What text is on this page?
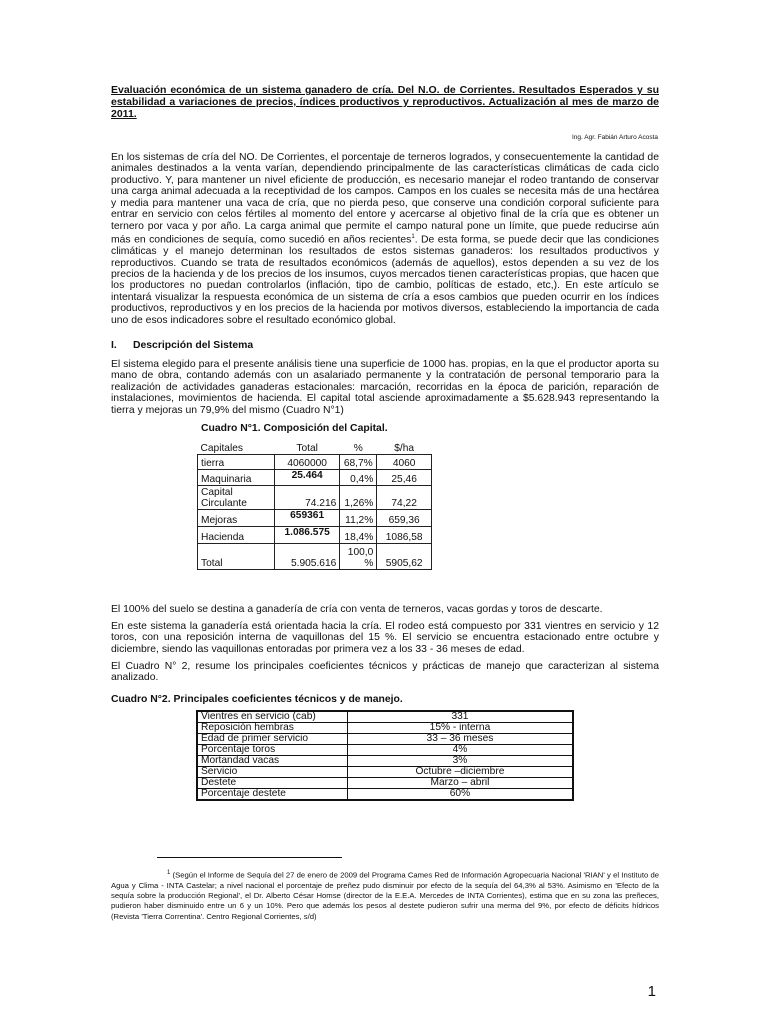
Evaluación económica de un sistema ganadero de cría. Del N.O. de Corrientes. Resultados Esperados y su estabilidad a variaciones de precios, índices productivos y reproductivos. Actualización al mes de marzo de 2011.
Ing. Agr. Fabián Arturo Acosta

En los sistemas de cría del NO. De Corrientes, el porcentaje de terneros logrados, y consecuentemente la cantidad de animales destinados a la venta varían, dependiendo principalmente de las características climáticas de cada ciclo productivo. Y, para mantener un nivel eficiente de producción, es necesario manejar el rodeo trantando de conservar una carga animal adecuada a la receptividad de los campos. Campos en los cuales se necesita más de una hectárea y media para mantener una vaca de cría, que no pierda peso, que conserve una condición corporal suficiente para entrar en servicio con celos fértiles al momento del entore y acercarse al objetivo final de la cría que es obtener un ternero por vaca y por año. La carga animal que permite el campo natural pone un límite, que puede reducirse aún más en condiciones de sequía, como sucedió en años recientes$^1$. De esta forma, se puede decir que las condiciones climáticas y el manejo determinan los resultados de estos sistemas ganaderos: los resultados productivos y reproductivos. Cuando se trata de resultados económicos (además de aquellos), estos dependen a su vez de los precios de la hacienda y de los precios de los insumos, cuyos mercados tienen características propias, que hacen que los productores no puedan controlarlos (inflación, tipo de cambio, políticas de estado, etc,). En este artículo se intentará visualizar la respuesta económica de un sistema de cría a esos cambios que pueden ocurrir en los índices productivos, reproductivos y en los precios de la hacienda por motivos diversos, estableciendo la importancia de cada uno de esos indicadores sobre el resultado económico global.

I. Descripción del Sistema

El sistema elegido para el presente análisis tiene una superficie de 1000 has. propias, en la que el productor aporta su mano de obra, contando además con un asalariado permanente y la contratación de personal temporario para la realización de actividades ganaderas estacionales: marcación, recorridas en la época de parición, reparación de instalaciones, movimientos de hacienda. El capital total asciende aproximadamente a $5.628.943 representando la tierra y mejoras un 79,9% del mismo (Cuadro N°1)

Cuadro N°1. Composición del Capital.
Capitales	Total	%	$/ha
tierra	4060000	68,7%	4060
Maquinaria	25.464	0,4%	25,46
Capital Circulante	74.216	1,26%	74,22
Mejoras	659361	11,2%	659,36
Hacienda	1.086.575	18,4%	1086,58
Total	5.905.616	100,0 %	5905,62

El 100% del suelo se destina a ganadería de cría con venta de terneros, vacas gordas y toros de descarte.

En este sistema la ganadería está orientada hacia la cría. El rodeo está compuesto por 331 vientres en servicio y 12 toros, con una reposición interna de vaquillonas del 15 %. El servicio se encuentra estacionado entre octubre y diciembre, siendo las vaquillonas entoradas por primera vez a los 33 - 36 meses de edad.

El Cuadro N° 2, resume los principales coeficientes técnicos y prácticas de manejo que caracterizan al sistema analizado.

Cuadro N°2. Principales coeficientes técnicos y de manejo.
Vientres en servicio (cab)	331
Reposición hembras	15% - interna
Edad de primer servicio	33 – 36 meses
Porcentaje toros	4%
Mortandad vacas	3%
Servicio	Octubre –diciembre
Destete	Marzo – abril
Porcentaje destete	60%
$^1$ (Según el Informe de Sequía del 27 de enero de 2009 del Programa Cames Red de Información Agropecuaria Nacional 'RIAN' y el Instituto de Agua y Clima - INTA Castelar; a nivel nacional el porcentaje de preñez pudo disminuir por efecto de la sequía del 64,3% al 53%. Asimismo en 'Efecto de la sequía sobre la producción Regional', el Dr. Alberto César Homse (director de la E.E.A. Mercedes de INTA Corrientes), estima que en su zona las preñeces, pudieron haber disminuido entre un 6 y un 10%. Pero que además los pesos al destete pudieron sufrir una merma del 9%, por efecto de déficits hídricos (Revista 'Tierra Correntina'. Centro Regional Corrientes, s/d)
1
